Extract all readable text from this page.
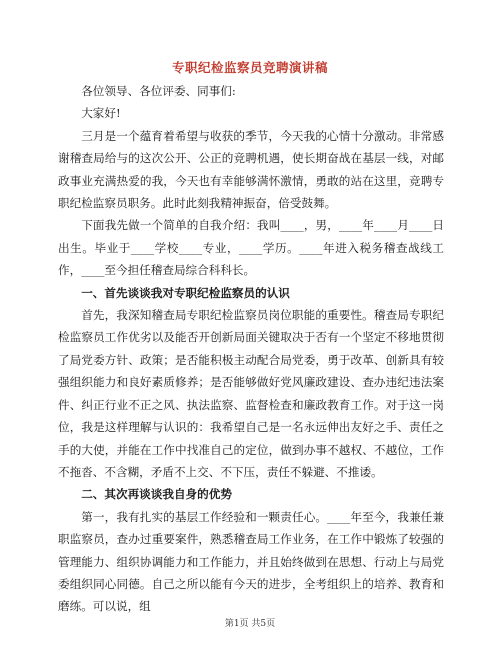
专职纪检监察员竞聘演讲稿

各位领导、各位评委、同事们:

大家好!

三月是一个蕴育着希望与收获的季节，今天我的心情十分激动。非常感谢稽查局给与的这次公开、公正的竞聘机遇，使长期奋战在基层一线，对邮政事业充满热爱的我，今天也有幸能够满怀激情，勇敢的站在这里，竞聘专职纪检监察员职务。此时此刻我精神振奋，倍受鼓舞。

下面我先做一个简单的自我介绍：我叫____，男，____年____月____日出生。毕业于____学校____专业，____学历。____年进入税务稽查战线工作，____至今担任稽查局综合科科长。

一、首先谈谈我对专职纪检监察员的认识

首先，我深知稽查局专职纪检监察员岗位职能的重要性。稽查局专职纪检监察员工作优劣以及能否开创新局面关键取决于否有一个坚定不移地贯彻了局党委方针、政策；是否能积极主动配合局党委，勇于改革、创新具有较强组织能力和良好素质修养；是否能够做好党风廉政建设、查办违纪违法案件、纠正行业不正之风、执法监察、监督检查和廉政教育工作。对于这一岗位，我是这样理解与认识的：我希望自己是一名永远伸出友好之手、责任之手的大使，并能在工作中找准自己的定位，做到办事不越权、不越位，工作不拖沓、不含糊，矛盾不上交、不下压，责任不躲避、不推诿。

二、其次再谈谈我自身的优势

第一，我有扎实的基层工作经验和一颗责任心。____年至今，我兼任兼职监察员，查办过重要案件，熟悉稽查局工作业务，在工作中锻炼了较强的管理能力、组织协调能力和工作能力，并且始终做到在思想、行动上与局党委组织同心同德。自己之所以能有今天的进步，全考组织上的培养、教育和磨练。可以说，组

第1页 共5页
